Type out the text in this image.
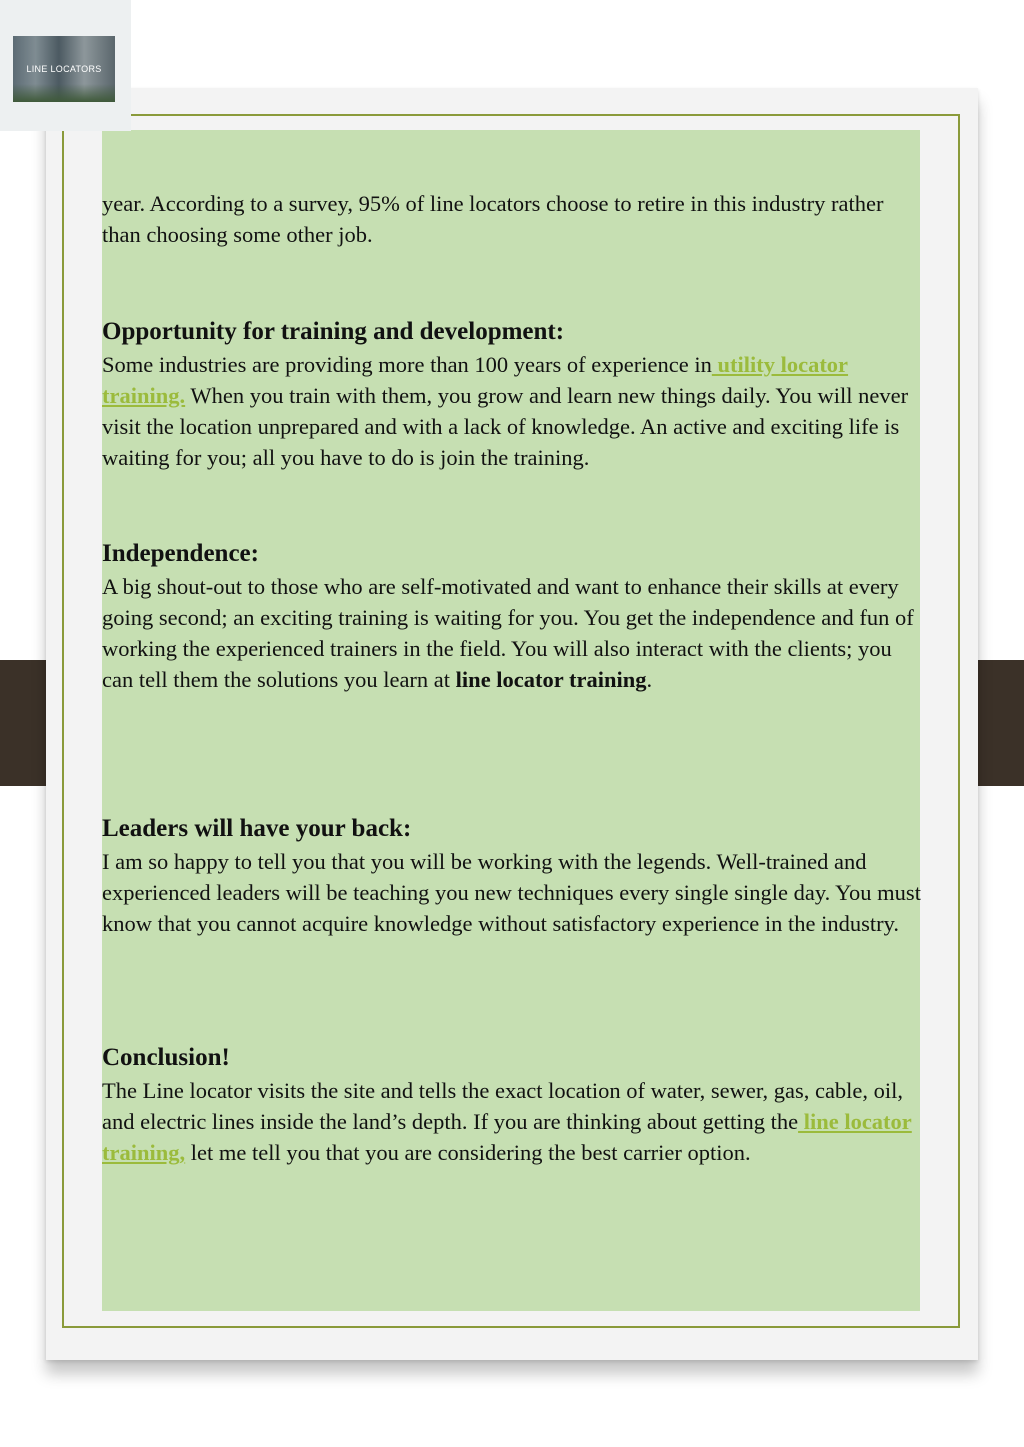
LINE LOCATORS

year. According to a survey, 95% of line locators choose to retire in this industry rather than choosing some other job.

Opportunity for training and development:

Some industries are providing more than 100 years of experience in utility locator training. When you train with them, you grow and learn new things daily. You will never visit the location unprepared and with a lack of knowledge. An active and exciting life is waiting for you; all you have to do is join the training.

Independence:

A big shout-out to those who are self-motivated and want to enhance their skills at every going second; an exciting training is waiting for you. You get the independence and fun of working the experienced trainers in the field. You will also interact with the clients; you can tell them the solutions you learn at line locator training.

Leaders will have your back:

I am so happy to tell you that you will be working with the legends. Well-trained and experienced leaders will be teaching you new techniques every single single day. You must know that you cannot acquire knowledge without satisfactory experience in the industry.

Conclusion!

The Line locator visits the site and tells the exact location of water, sewer, gas, cable, oil, and electric lines inside the land’s depth. If you are thinking about getting the line locator training, let me tell you that you are considering the best carrier option.
